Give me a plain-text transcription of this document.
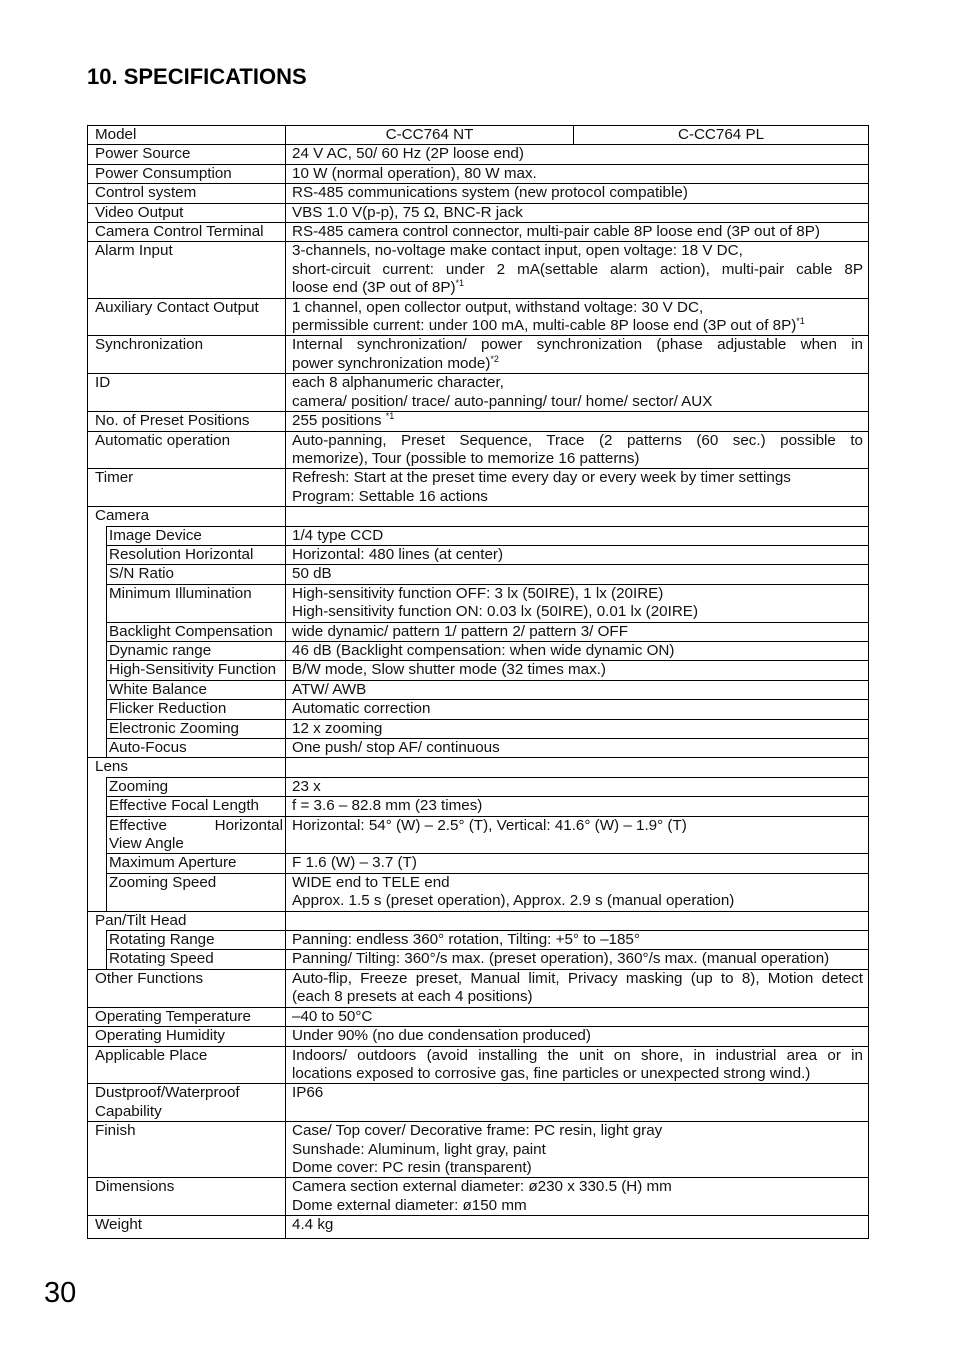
10. SPECIFICATIONS
Model		C-CC764 NT	C-CC764 PL

Power Source		24 V AC, 50/ 60 Hz (2P loose end)	

Power Consumption		10 W (normal operation), 80 W max.	

Control system		RS-485 communications system (new protocol compatible)	

Video Output		VBS 1.0 V(p-p), 75 Ω, BNC-R jack	

Camera Control Terminal		RS-485 camera control connector, multi-pair cable 8P loose end (3P out of 8P)	

Alarm Input		3-channels, no-voltage make contact input, open voltage: 18 V DC,
short-circuit current: under 2 mA(settable alarm action), multi-pair cable 8P
loose end (3P out of 8P)$^{*1}$

Auxiliary Contact Output		1 channel, open collector output, withstand voltage: 30 V DC,
permissible current: under 100 mA, multi-cable 8P loose end (3P out of 8P)$^{*1}$

Synchronization		Internal synchronization/ power synchronization (phase adjustable when in
power synchronization mode)$^{*2}$

ID		each 8 alphanumeric character,
camera/ position/ trace/ auto-panning/ tour/ home/ sector/ AUX	

No. of Preset Positions		255 positions $^{*1}$

Automatic operation		Auto-panning, Preset Sequence, Trace (2 patterns (60 sec.) possible to
memorize), Tour (possible to memorize 16 patterns)	

Timer		Refresh: Start at the preset time every day or every week by timer settings
Program: Settable 16 actions	

Camera			

	Image Device	1/4 type CCD	

	Resolution Horizontal	Horizontal: 480 lines (at center)	

	S/N Ratio	50 dB	

	Minimum Illumination	High-sensitivity function OFF: 3 lx (50IRE), 1 lx (20IRE)
High-sensitivity function ON: 0.03 lx (50IRE), 0.01 lx (20IRE)	

	Backlight Compensation	wide dynamic/ pattern 1/ pattern 2/ pattern 3/ OFF	

	Dynamic range	46 dB (Backlight compensation: when wide dynamic ON)	

	High-Sensitivity Function	B/W mode, Slow shutter mode (32 times max.)	

	White Balance	ATW/ AWB	

	Flicker Reduction	Automatic correction	

	Electronic Zooming	12 x zooming	

	Auto-Focus	One push/ stop AF/ continuous	

Lens			

	Zooming	23 x	

	Effective Focal Length	f = 3.6 – 82.8 mm (23 times)	

	Effective Horizontal
View Angle	Horizontal: 54° (W) – 2.5° (T), Vertical: 41.6° (W) – 1.9° (T)	

	Maximum Aperture	F 1.6 (W) – 3.7 (T)	

	Zooming Speed	WIDE end to TELE end
Approx. 1.5 s (preset operation), Approx. 2.9 s (manual operation)	

Pan/Tilt Head			

	Rotating Range	Panning: endless 360° rotation, Tilting: +5° to –185°	

	Rotating Speed	Panning/ Tilting: 360°/s max. (preset operation), 360°/s max. (manual operation)	

Other Functions		Auto-flip, Freeze preset, Manual limit, Privacy masking (up to 8), Motion detect
(each 8 presets at each 4 positions)	

Operating Temperature		–40 to 50°C	

Operating Humidity		Under 90% (no due condensation produced)	

Applicable Place		Indoors/ outdoors (avoid installing the unit on shore, in industrial area or in
locations exposed to corrosive gas, fine particles or unexpected strong wind.)	

Dustproof/Waterproof
Capability		IP66	

Finish		Case/ Top cover/ Decorative frame: PC resin, light gray
Sunshade: Aluminum, light gray, paint
Dome cover: PC resin (transparent)	

Dimensions		Camera section external diameter: ø230 x 330.5 (H) mm
Dome external diameter: ø150 mm	

Weight		4.4 kg	
30
